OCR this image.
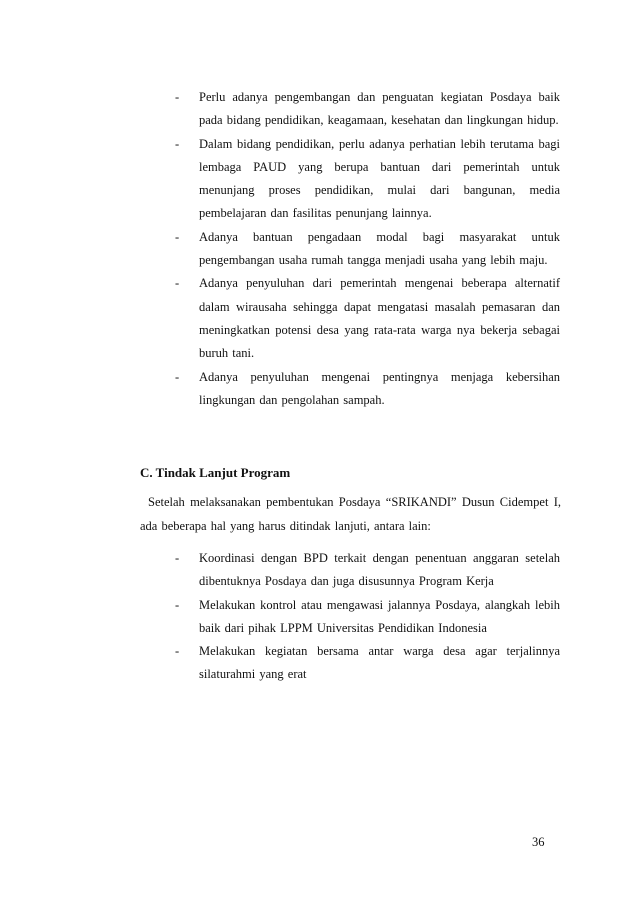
- Perlu adanya pengembangan dan penguatan kegiatan Posdaya baik pada bidang pendidikan, keagamaan, kesehatan dan lingkungan hidup.
- Dalam bidang pendidikan, perlu adanya perhatian lebih terutama bagi lembaga PAUD yang berupa bantuan dari pemerintah untuk menunjang proses pendidikan, mulai dari bangunan, media pembelajaran dan fasilitas penunjang lainnya.
- Adanya bantuan pengadaan modal bagi masyarakat untuk pengembangan usaha rumah tangga menjadi usaha yang lebih maju.
- Adanya penyuluhan dari pemerintah mengenai beberapa alternatif dalam wirausaha sehingga dapat mengatasi masalah pemasaran dan meningkatkan potensi desa yang rata-rata warga nya bekerja sebagai buruh tani.
- Adanya penyuluhan mengenai pentingnya menjaga kebersihan lingkungan dan pengolahan sampah.
C. Tindak Lanjut Program
Setelah melaksanakan pembentukan Posdaya “SRIKANDI” Dusun Cidempet I, ada beberapa hal yang harus ditindak lanjuti, antara lain:
- Koordinasi dengan BPD terkait dengan penentuan anggaran setelah dibentuknya Posdaya dan juga disusunnya Program Kerja
- Melakukan kontrol atau mengawasi jalannya Posdaya, alangkah lebih baik dari pihak LPPM Universitas Pendidikan Indonesia
- Melakukan kegiatan bersama antar warga desa agar terjalinnya silaturahmi yang erat
36
